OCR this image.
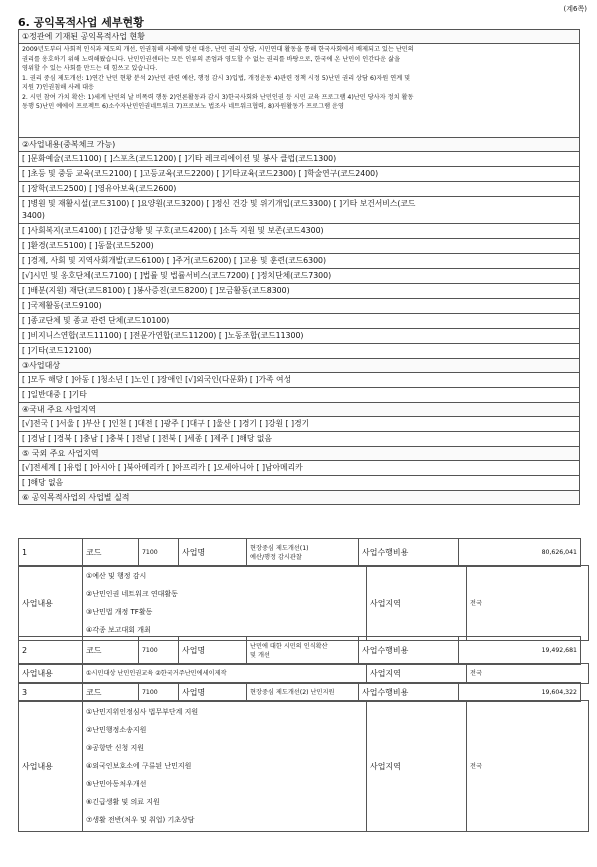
(계6쪽)
6. 공익목적사업 세부현황
①정관에 기재된 공익목적사업 현황

2009년도부터 사회적 인식과 제도의 개선, 인권침해 사례에 맞선 대응, 난민 권리 상담, 시민연대 활동을 통해 한국사회에서 배제되고 있는 난민의
권리를 옹호하기 위해 노력해왔습니다. 난민인권센터는 모든 인류의 존엄과 영도할 수 없는 권리를 바탕으로, 한국에 온 난민이 인간다운 삶을
영위할 수 있는 사회를 만드는 데 힘쓰고 있습니다.
1. 권리 중심 제도개선: 1)연간 난민 현황 분석 2)난민 관련 예산, 행정 감시 3)입법, 개정운동 4)관련 정책 시정 5)난민 권리 상담 6)자원 연계 및
지원 7)인권침해 사례 대응
2. 시민 참여 가치 확산: 1)세계 난민의 날 비폭력 행동 2)언론활동과 감시 3)한국사회와 난민인권 등 시민 교육 프로그램 4)난민 당사자 정치 활동
동행 5)난민 예에이 프로젝트 6)소수자난민인권네트워크 7)프로보노 법조사 네트워크협력, 8)자원활동가 프로그램 운영

②사업내용(중복체크 가능)
[ ]문화예술(코드1100) [ ]스포츠(코드1200) [ ]기타 레크리에이션 및 봉사 클럽(코드1300)
[ ]초등 및 중등 교육(코드2100) [ ]고등교육(코드2200) [ ]기타교육(코드2300) [ ]학술연구(코드2400)
[ ]장학(코드2500) [ ]영유아보육(코드2600)

[ ]병원 및 재활시설(코드3100) [ ]요양원(코드3200) [ ]정신 건강 및 위기개입(코드3300) [ ]기타 보건서비스(코드
3400)

[ ]사회복지(코드4100) [ ]긴급상황 및 구호(코드4200) [ ]소득 지원 및 보존(코드4300)
[ ]환경(코드5100) [ ]동물(코드5200)
[ ]경제, 사회 및 지역사회개발(코드6100) [ ]주거(코드6200) [ ]고용 및 훈련(코드6300)
[√]시민 및 옹호단체(코드7100) [ ]법률 및 법률서비스(코드7200) [ ]정치단체(코드7300)
[ ]배분(지원) 재단(코드8100) [ ]봉사증진(코드8200) [ ]모금활동(코드8300)
[ ]국제활동(코드9100)
[ ]종교단체 및 종교 관련 단체(코드10100)
[ ]비지니스연합(코드11100) [ ]전문가연합(코드11200) [ ]노동조합(코드11300)
[ ]기타(코드12100)
③사업대상
[ ]모두 해당 [ ]아동 [ ]청소년 [ ]노인 [ ]장애인 [√]외국인(다문화) [ ]가족 여성
[ ]일반대중 [ ]기타
④국내 주요 사업지역
[√]전국 [ ]서울 [ ]부산 [ ]인천 [ ]대전 [ ]광주 [ ]대구 [ ]울산 [ ]경기 [ ]강원 [ ]경기
[ ]경남 [ ]경북 [ ]충남 [ ]충북 [ ]전남 [ ]전북 [ ]세종 [ ]제주 [ ]해당 없음
⑤ 국외 주요 사업지역
[√]전세계 [ ]유럽 [ ]아시아 [ ]북아메리카 [ ]아프리카 [ ]오세아니아 [ ]남아메리카
[ ]해당 없음
⑥ 공익목적사업의 사업별 실적
1	코드	7100	사업명	현장중심 제도개선(1)
예산/행정 감시관찰	사업수행비용	80,626,041
사업내용	
①예산 및 행정 감시
②난민인권 네트워크 연대활동
③난민법 개정 TF활동
④각종 보고대회 개최
	사업지역	전국
2	코드	7100	사업명	난민에 대한 시민의 인식확산
및 개선	사업수행비용	19,492,681
사업내용	①시민대상 난민인권교육 ②한국거주난민에세이제작	사업지역	전국
3	코드	7100	사업명	현장중심 제도개선(2) 난민지원	사업수행비용	19,604,322
사업내용	
①난민지위인정심사 법무부단계 지원
②난민행정소송지원
③공항만 신청 지원
④외국인보호소에 구류된 난민지원
⑤난민아동처우개선
⑥긴급생활 및 의료 지원
⑦생활 전반(처우 및 취업) 기초상담
	사업지역	전국
